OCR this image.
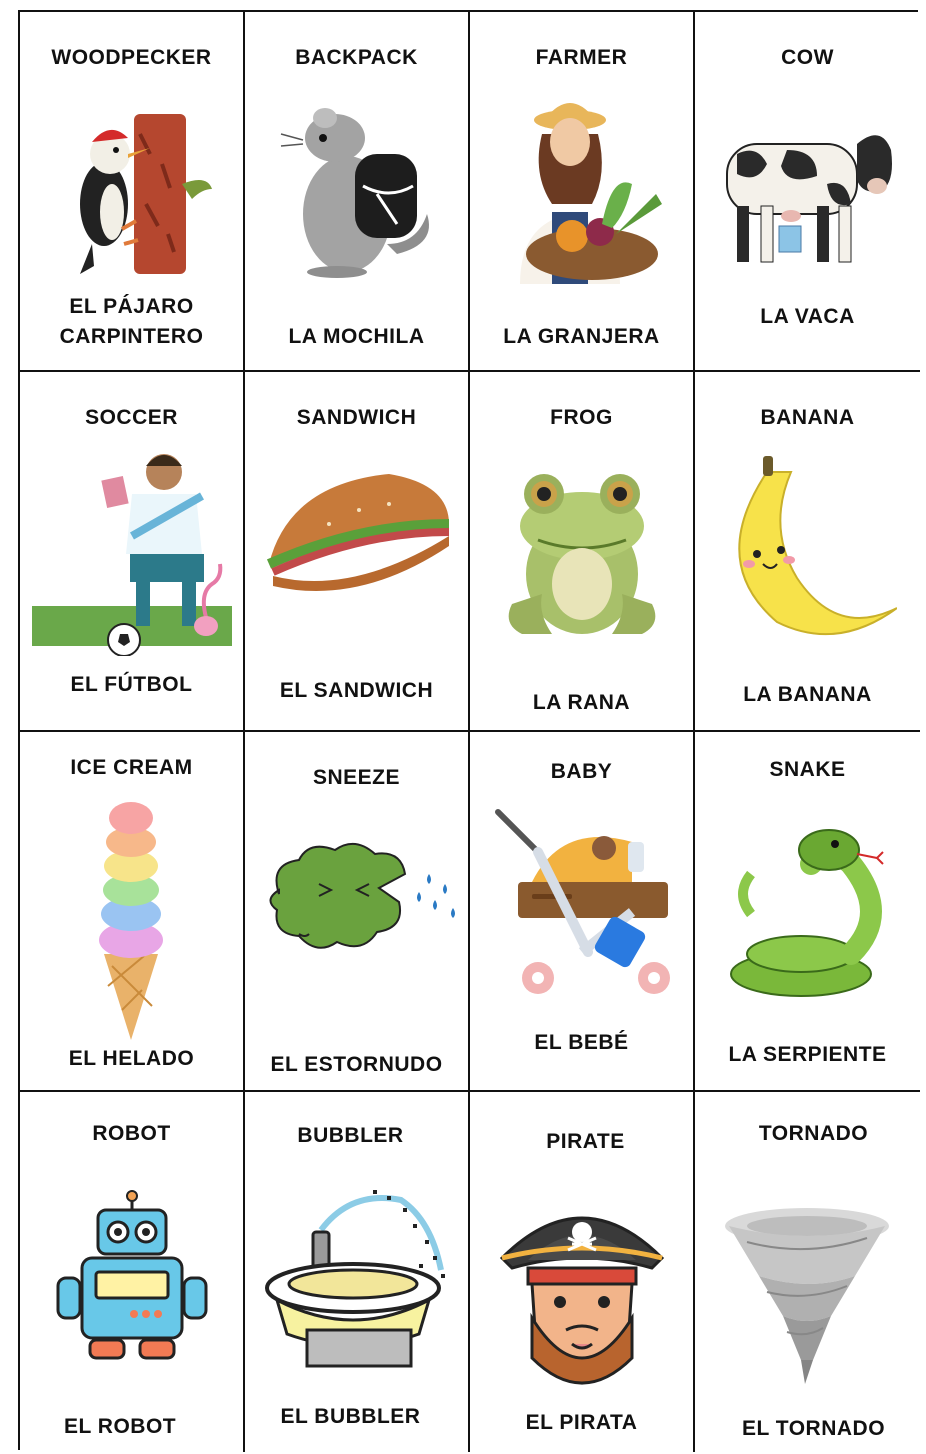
WOODPECKER
EL PÁJARO
CARPINTERO
BACKPACK
LA MOCHILA
FARMER
LA GRANJERA
COW
LA VACA
SOCCER
EL FÚTBOL
SANDWICH
EL SANDWICH
FROG
LA RANA
BANANA
LA BANANA
ICE CREAM
EL HELADO
SNEEZE
EL ESTORNUDO
BABY
EL BEBÉ
SNAKE
LA SERPIENTE
ROBOT
EL ROBOT
BUBBLER
EL BUBBLER
PIRATE
EL PIRATA
TORNADO
EL TORNADO
